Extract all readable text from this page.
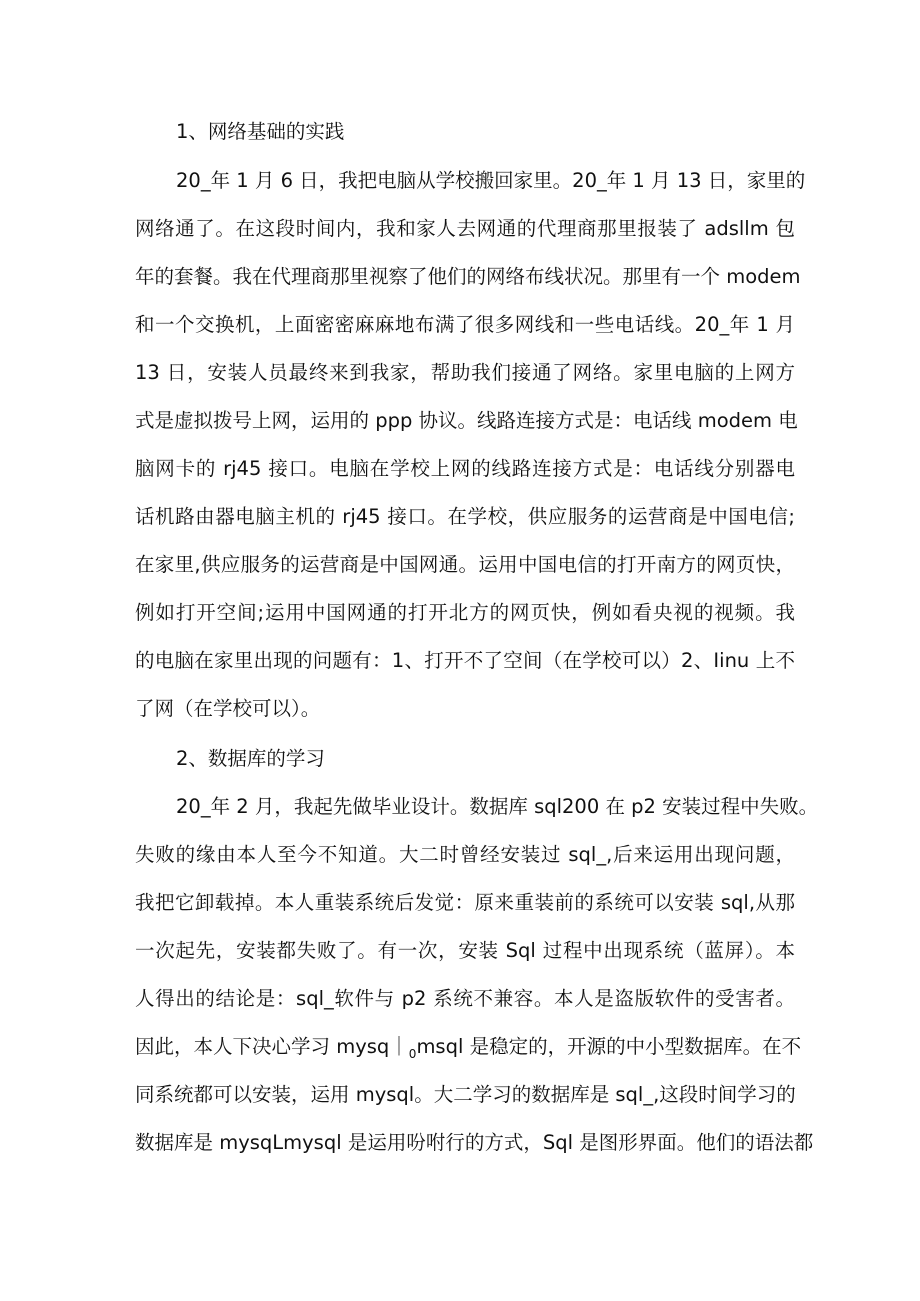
1、网络基础的实践
20_年 1 月 6 日，我把电脑从学校搬回家里。20_年 1 月 13 日，家里的
网络通了。在这段时间内，我和家人去网通的代理商那里报装了 adsllm 包
年的套餐。我在代理商那里视察了他们的网络布线状况。那里有一个 modem
和一个交换机，上面密密麻麻地布满了很多网线和一些电话线。20_年 1 月
13 日，安装人员最终来到我家，帮助我们接通了网络。家里电脑的上网方
式是虚拟拨号上网，运用的 ppp 协议。线路连接方式是：电话线 modem 电
脑网卡的 rj45 接口。电脑在学校上网的线路连接方式是：电话线分别器电
话机路由器电脑主机的 rj45 接口。在学校，供应服务的运营商是中国电信;
在家里,供应服务的运营商是中国网通。运用中国电信的打开南方的网页快，
例如打开空间;运用中国网通的打开北方的网页快，例如看央视的视频。我
的电脑在家里出现的问题有：1、打开不了空间（在学校可以）2、Iinu 上不
了网（在学校可以）。
2、数据库的学习
20_年 2 月，我起先做毕业设计。数据库 sql200 在 p2 安装过程中失败。
失败的缘由本人至今不知道。大二时曾经安装过 sql_,后来运用出现问题，
我把它卸载掉。本人重装系统后发觉：原来重装前的系统可以安装 sql,从那
一次起先，安装都失败了。有一次，安装 Sql 过程中出现系统（蓝屏）。本
人得出的结论是：sql_软件与 p2 系统不兼容。本人是盗版软件的受害者。
因此，本人下决心学习 mysq $|_0$ msql 是稳定的，开源的中小型数据库。在不
同系统都可以安装，运用 mysql。大二学习的数据库是 sql_,这段时间学习的
数据库是 mysqLmysql 是运用吩咐行的方式，Sql 是图形界面。他们的语法都
